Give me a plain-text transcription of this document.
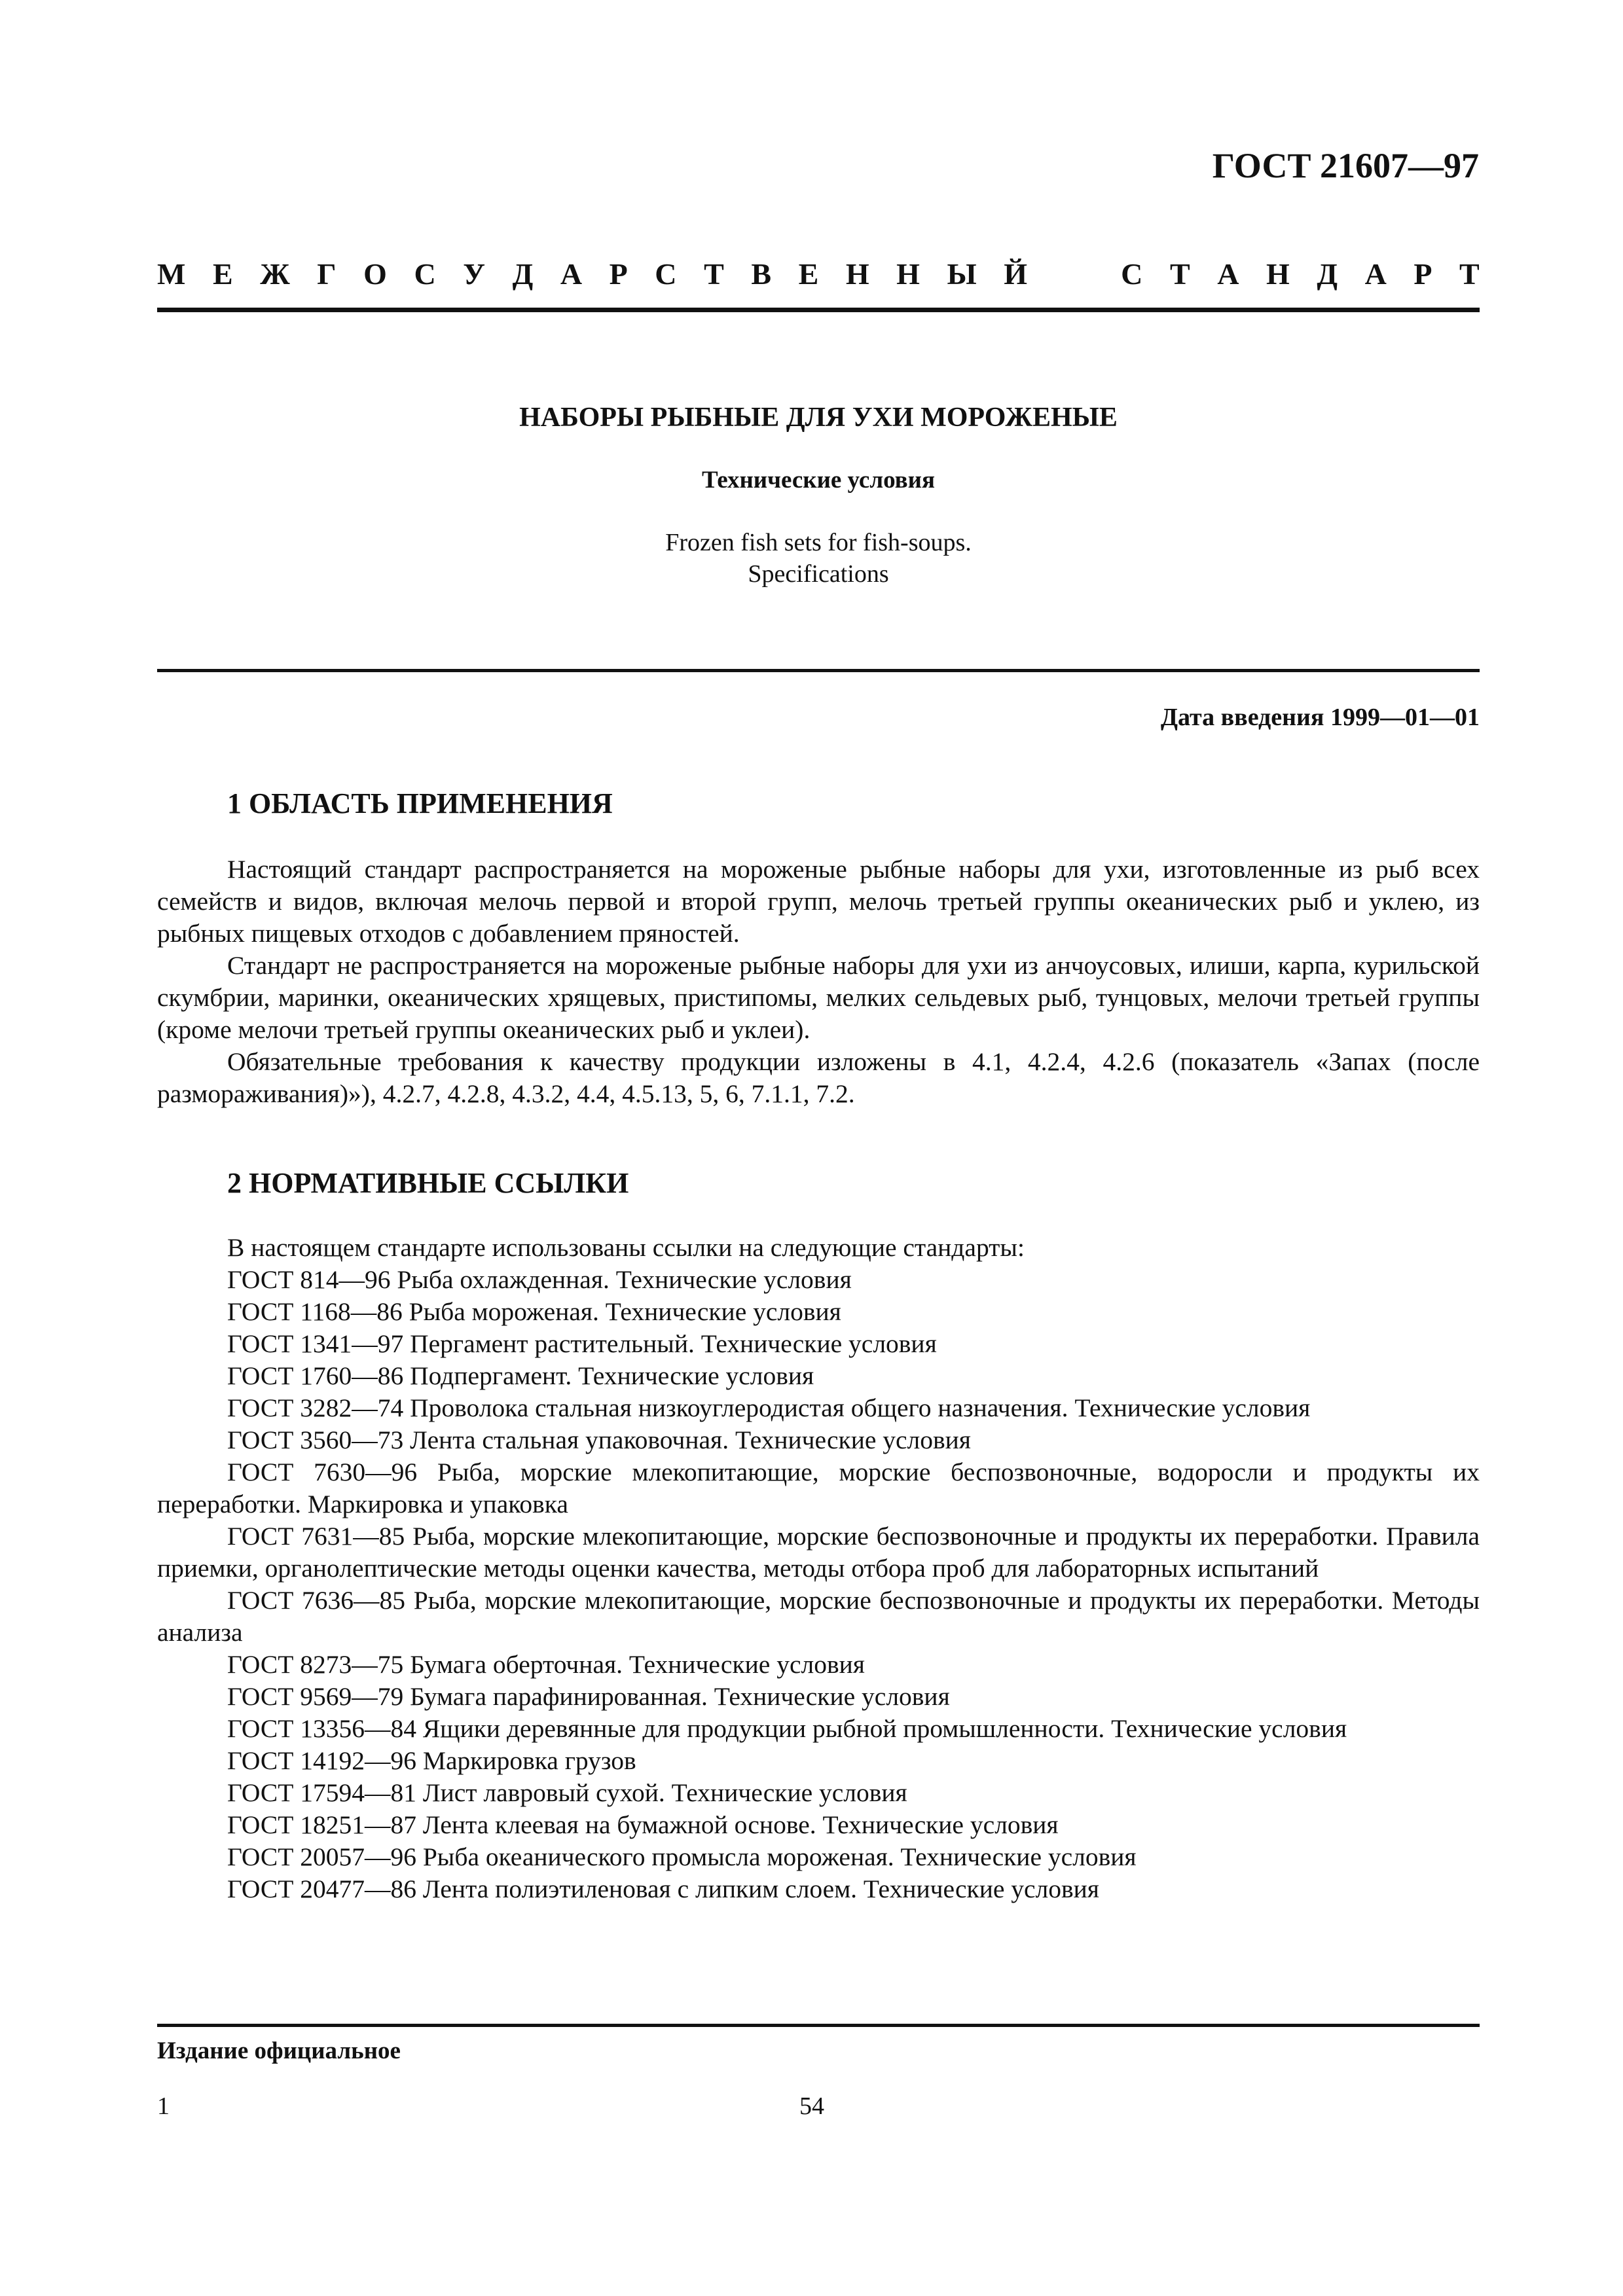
ГОСТ 21607—97
М Е Ж Г О С У Д А Р С Т В Е Н Н Ы Й	С Т А Н Д А Р Т
НАБОРЫ РЫБНЫЕ ДЛЯ УХИ МОРОЖЕНЫЕ
Технические условия
Frozen fish sets for fish-soups.
Specifications
Дата введения 1999—01—01
1 ОБЛАСТЬ ПРИМЕНЕНИЯ

Настоящий стандарт распространяется на мороженые рыбные наборы для ухи, изготовленные из рыб всех семейств и видов, включая мелочь первой и второй групп, мелочь третьей группы океанических рыб и уклею, из рыбных пищевых отходов с добавлением пряностей.

Стандарт не распространяется на мороженые рыбные наборы для ухи из анчоусовых, илиши, карпа, курильской скумбрии, маринки, океанических хрящевых, пристипомы, мелких сельдевых рыб, тунцовых, мелочи третьей группы (кроме мелочи третьей группы океанических рыб и уклеи).

Обязательные требования к качеству продукции изложены в 4.1, 4.2.4, 4.2.6 (показатель «Запах (после размораживания)»), 4.2.7, 4.2.8, 4.3.2, 4.4, 4.5.13, 5, 6, 7.1.1, 7.2.

2 НОРМАТИВНЫЕ ССЫЛКИ

В настоящем стандарте использованы ссылки на следующие стандарты:

ГОСТ 814—96 Рыба охлажденная. Технические условия
ГОСТ 1168—86 Рыба мороженая. Технические условия
ГОСТ 1341—97 Пергамент растительный. Технические условия
ГОСТ 1760—86 Подпергамент. Технические условия
ГОСТ 3282—74 Проволока стальная низкоуглеродистая общего назначения. Технические условия
ГОСТ 3560—73 Лента стальная упаковочная. Технические условия
ГОСТ 7630—96 Рыба, морские млекопитающие, морские беспозвоночные, водоросли и продукты их переработки. Маркировка и упаковка
ГОСТ 7631—85 Рыба, морские млекопитающие, морские беспозвоночные и продукты их переработки. Правила приемки, органолептические методы оценки качества, методы отбора проб для лабораторных испытаний
ГОСТ 7636—85 Рыба, морские млекопитающие, морские беспозвоночные и продукты их переработки. Методы анализа
ГОСТ 8273—75 Бумага оберточная. Технические условия
ГОСТ 9569—79 Бумага парафинированная. Технические условия
ГОСТ 13356—84 Ящики деревянные для продукции рыбной промышленности. Технические условия
ГОСТ 14192—96 Маркировка грузов
ГОСТ 17594—81 Лист лавровый сухой. Технические условия
ГОСТ 18251—87 Лента клеевая на бумажной основе. Технические условия
ГОСТ 20057—96 Рыба океанического промысла мороженая. Технические условия
ГОСТ 20477—86 Лента полиэтиленовая с липким слоем. Технические условия
Издание официальное
1	54
